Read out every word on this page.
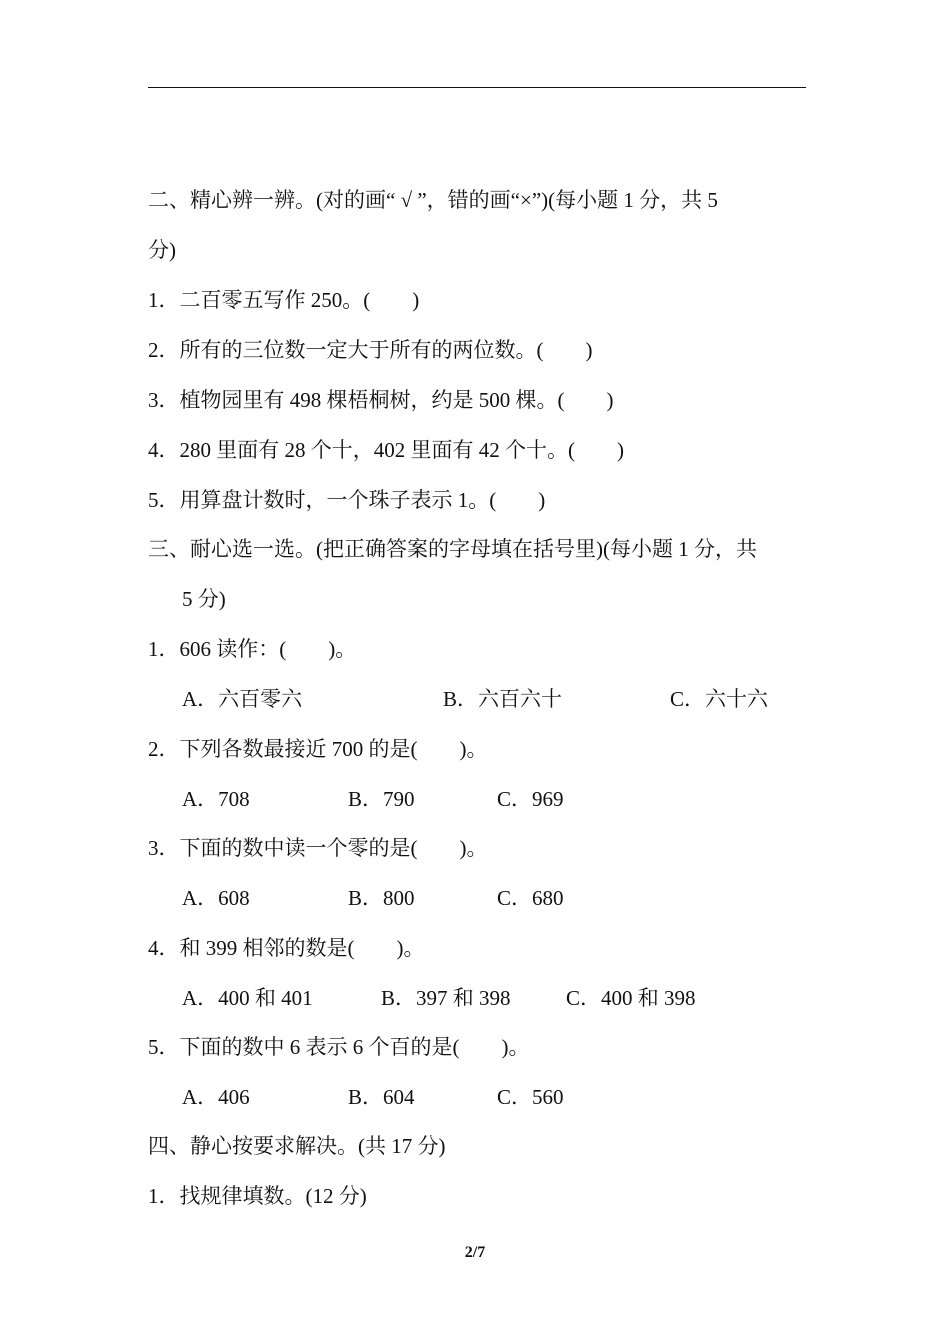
二、精心辨一辨。(对的画“ √ ”，错的画“×”)(每小题 1 分，共 5
分)
1．二百零五写作 250。(　　)
2．所有的三位数一定大于所有的两位数。(　　)
3．植物园里有 498 棵梧桐树，约是 500 棵。(　　)
4．280 里面有 28 个十，402 里面有 42 个十。(　　)
5．用算盘计数时，一个珠子表示 1。(　　)
三、耐心选一选。(把正确答案的字母填在括号里)(每小题 1 分，共
5 分)
1．606 读作：(　　)。
A．六百零六	B．六百六十	C．六十六
2．下列各数最接近 700 的是(　　)。
A．708	B．790	C．969
3．下面的数中读一个零的是(　　)。
A．608	B．800	C．680
4．和 399 相邻的数是(　　)。
A．400 和 401	B．397 和 398	C．400 和 398
5．下面的数中 6 表示 6 个百的是(　　)。
A．406	B．604	C．560
四、静心按要求解决。(共 17 分)
1．找规律填数。(12 分)
2/7
